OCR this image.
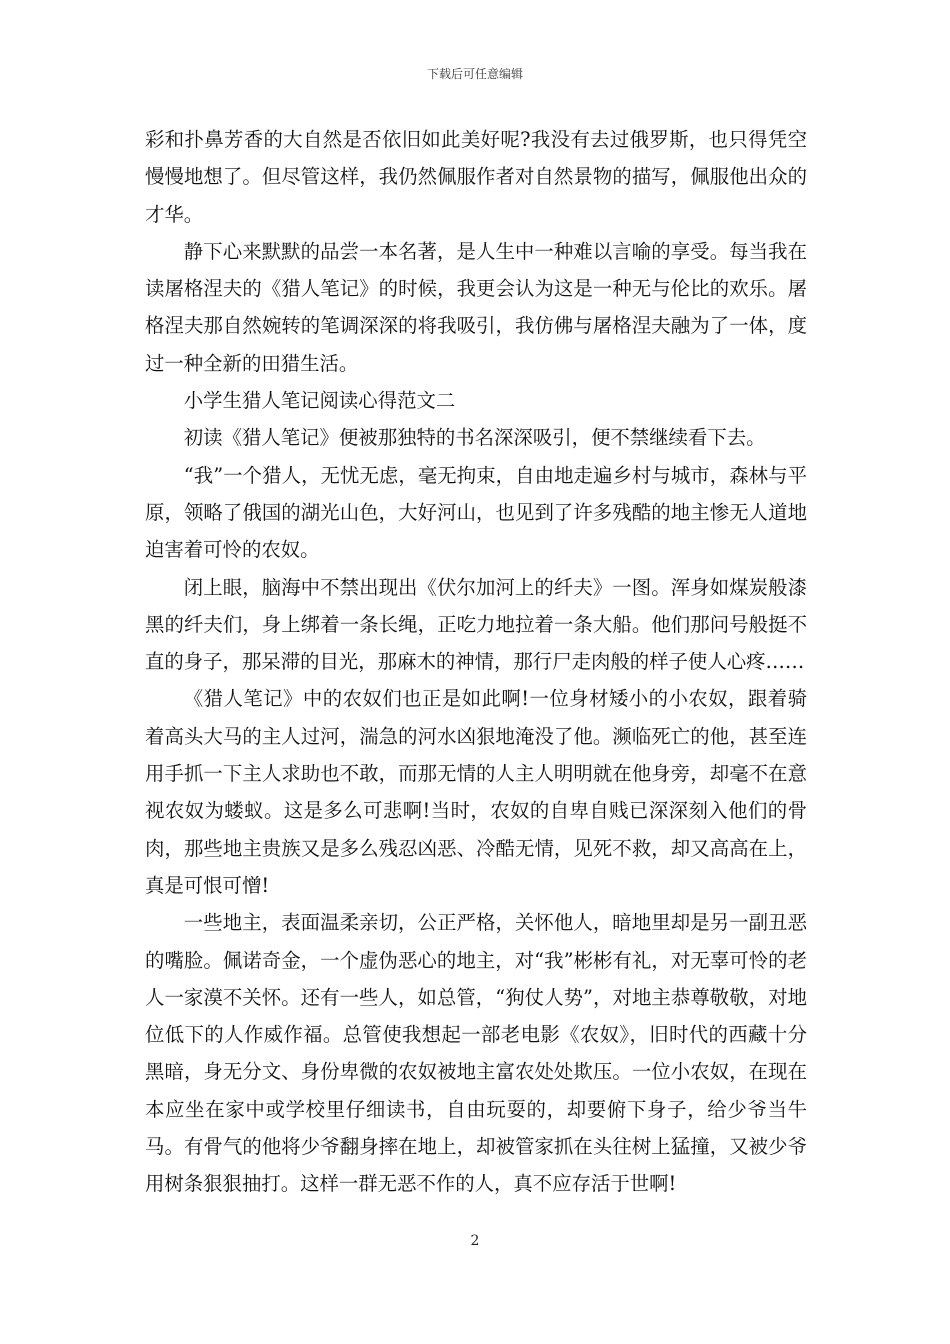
下载后可任意编辑

彩和扑鼻芳香的大自然是否依旧如此美好呢?我没有去过俄罗斯，也只得凭空慢慢地想了。但尽管这样，我仍然佩服作者对自然景物的描写，佩服他出众的才华。

静下心来默默的品尝一本名著，是人生中一种难以言喻的享受。每当我在读屠格涅夫的《猎人笔记》的时候，我更会认为这是一种无与伦比的欢乐。屠格涅夫那自然婉转的笔调深深的将我吸引，我仿佛与屠格涅夫融为了一体，度过一种全新的田猎生活。

小学生猎人笔记阅读心得范文二

初读《猎人笔记》便被那独特的书名深深吸引，便不禁继续看下去。

“我”一个猎人，无忧无虑，毫无拘束，自由地走遍乡村与城市，森林与平原，领略了俄国的湖光山色，大好河山，也见到了许多残酷的地主惨无人道地迫害着可怜的农奴。

闭上眼，脑海中不禁出现出《伏尔加河上的纤夫》一图。浑身如煤炭般漆黑的纤夫们，身上绑着一条长绳，正吃力地拉着一条大船。他们那问号般挺不直的身子，那呆滞的目光，那麻木的神情，那行尸走肉般的样子使人心疼……

《猎人笔记》中的农奴们也正是如此啊!一位身材矮小的小农奴，跟着骑着高头大马的主人过河，湍急的河水凶狠地淹没了他。濒临死亡的他，甚至连用手抓一下主人求助也不敢，而那无情的人主人明明就在他身旁，却毫不在意视农奴为蝼蚁。这是多么可悲啊!当时，农奴的自卑自贱已深深刻入他们的骨肉，那些地主贵族又是多么残忍凶恶、冷酷无情，见死不救，却又高高在上，真是可恨可憎!

一些地主，表面温柔亲切，公正严格，关怀他人，暗地里却是另一副丑恶的嘴脸。佩诺奇金，一个虚伪恶心的地主，对“我”彬彬有礼，对无辜可怜的老人一家漠不关怀。还有一些人，如总管，“狗仗人势”，对地主恭尊敬敬，对地位低下的人作威作福。总管使我想起一部老电影《农奴》，旧时代的西藏十分黑暗，身无分文、身份卑微的农奴被地主富农处处欺压。一位小农奴，在现在本应坐在家中或学校里仔细读书，自由玩耍的，却要俯下身子，给少爷当牛马。有骨气的他将少爷翻身摔在地上，却被管家抓在头往树上猛撞，又被少爷用树条狠狠抽打。这样一群无恶不作的人，真不应存活于世啊!

2
